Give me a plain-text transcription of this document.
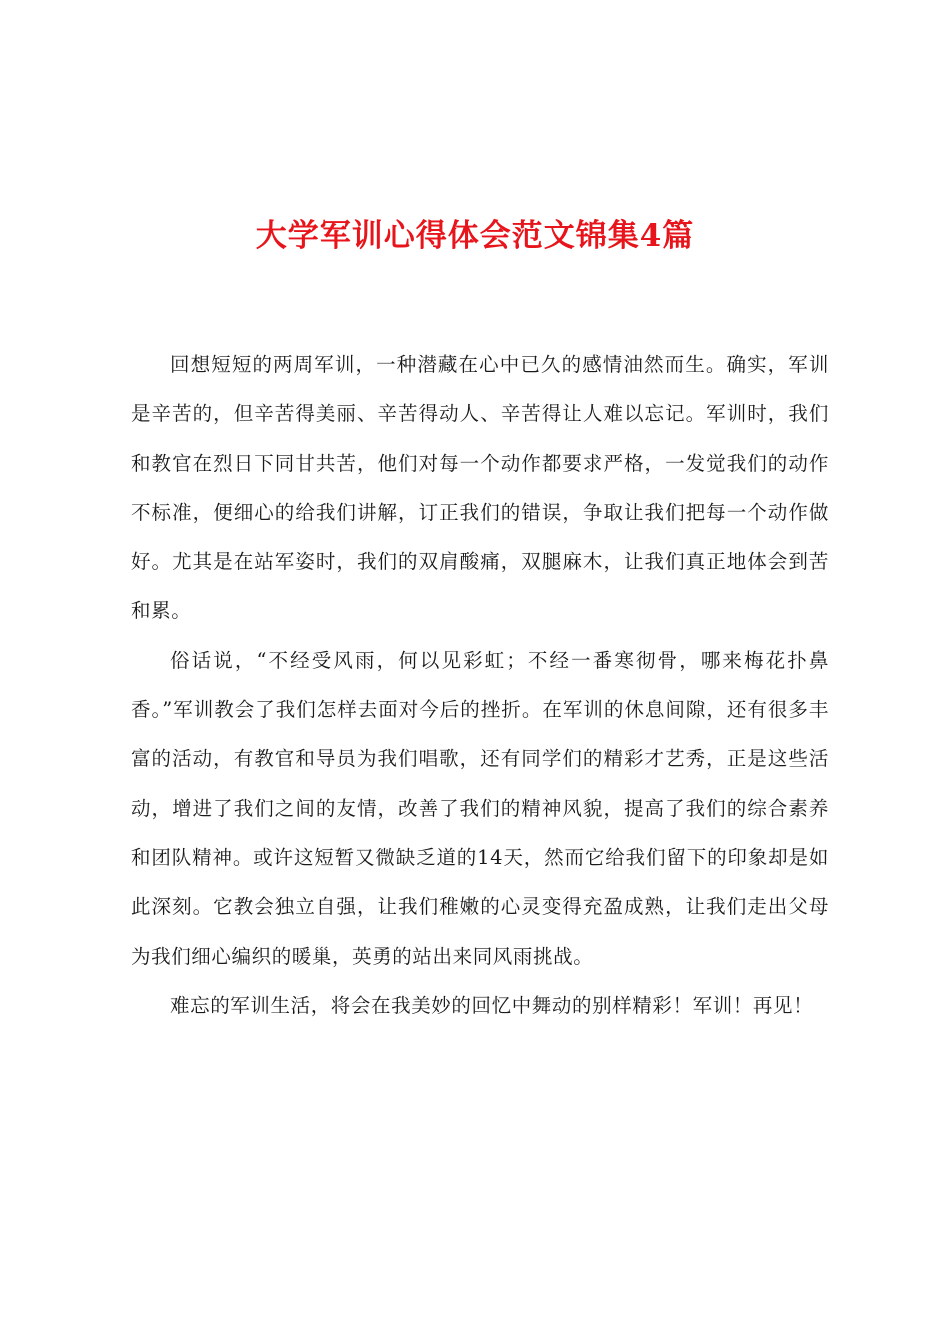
大学军训心得体会范文锦集4篇

回想短短的两周军训，一种潜藏在心中已久的感情油然而生。确实，军训是辛苦的，但辛苦得美丽、辛苦得动人、辛苦得让人难以忘记。军训时，我们和教官在烈日下同甘共苦，他们对每一个动作都要求严格，一发觉我们的动作不标准，便细心的给我们讲解，订正我们的错误，争取让我们把每一个动作做好。尤其是在站军姿时，我们的双肩酸痛，双腿麻木，让我们真正地体会到苦和累。

俗话说，“不经受风雨，何以见彩虹；不经一番寒彻骨，哪来梅花扑鼻香。”军训教会了我们怎样去面对今后的挫折。在军训的休息间隙，还有很多丰富的活动，有教官和导员为我们唱歌，还有同学们的精彩才艺秀，正是这些活动，增进了我们之间的友情，改善了我们的精神风貌，提高了我们的综合素养和团队精神。或许这短暂又微缺乏道的14天，然而它给我们留下的印象却是如此深刻。它教会独立自强，让我们稚嫩的心灵变得充盈成熟，让我们走出父母为我们细心编织的暖巢，英勇的站出来同风雨挑战。

难忘的军训生活，将会在我美妙的回忆中舞动的别样精彩！军训！再见！
